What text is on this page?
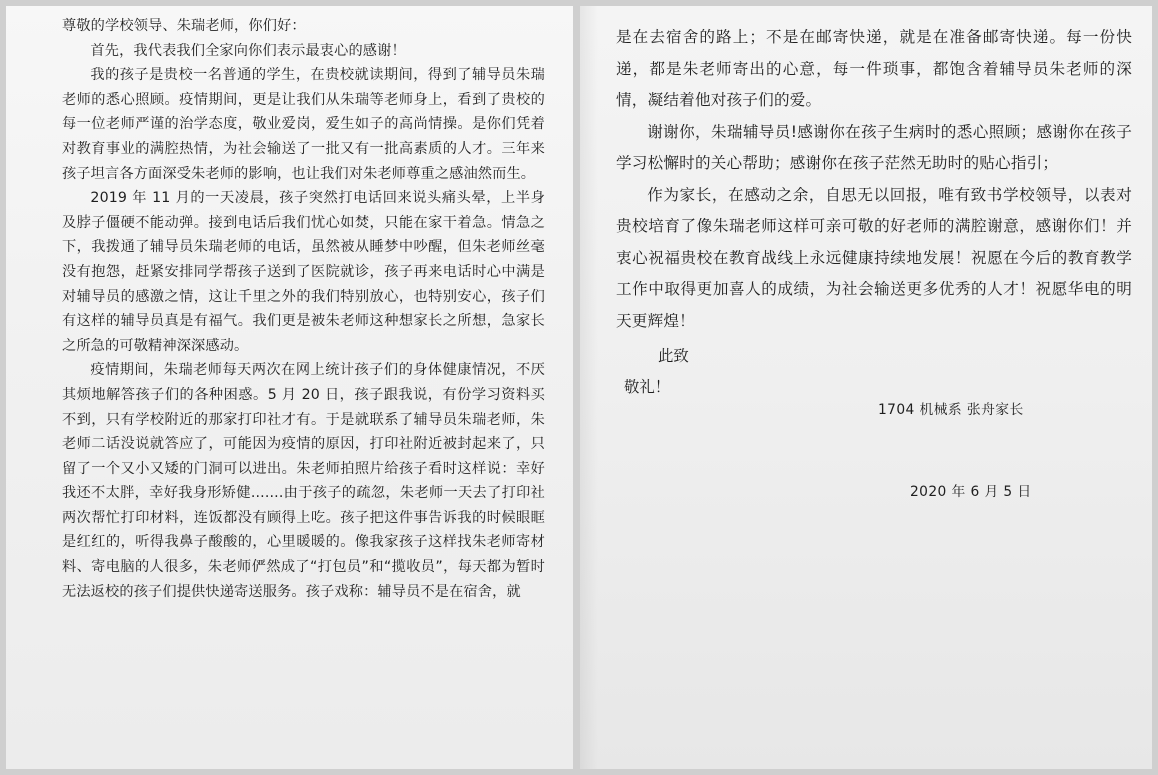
尊敬的学校领导、朱瑞老师，你们好：

首先，我代表我们全家向你们表示最衷心的感谢！

我的孩子是贵校一名普通的学生，在贵校就读期间，得到了辅导员朱瑞老师的悉心照顾。疫情期间，更是让我们从朱瑞等老师身上，看到了贵校的每一位老师严谨的治学态度，敬业爱岗，爱生如子的高尚情操。是你们凭着对教育事业的满腔热情，为社会输送了一批又有一批高素质的人才。三年来孩子坦言各方面深受朱老师的影响，也让我们对朱老师尊重之感油然而生。

2019 年 11 月的一天凌晨，孩子突然打电话回来说头痛头晕，上半身及脖子僵硬不能动弹。接到电话后我们忧心如焚，只能在家干着急。情急之下，我拨通了辅导员朱瑞老师的电话，虽然被从睡梦中吵醒，但朱老师丝毫没有抱怨，赶紧安排同学帮孩子送到了医院就诊，孩子再来电话时心中满是对辅导员的感激之情，这让千里之外的我们特别放心，也特别安心，孩子们有这样的辅导员真是有福气。我们更是被朱老师这种想家长之所想，急家长之所急的可敬精神深深感动。

疫情期间，朱瑞老师每天两次在网上统计孩子们的身体健康情况，不厌其烦地解答孩子们的各种困惑。5 月 20 日，孩子跟我说，有份学习资料买不到，只有学校附近的那家打印社才有。于是就联系了辅导员朱瑞老师，朱老师二话没说就答应了，可能因为疫情的原因，打印社附近被封起来了，只留了一个又小又矮的门洞可以进出。朱老师拍照片给孩子看时这样说：幸好我还不太胖，幸好我身形矫健.......由于孩子的疏忽，朱老师一天去了打印社两次帮忙打印材料，连饭都没有顾得上吃。孩子把这件事告诉我的时候眼眶是红红的，听得我鼻子酸酸的，心里暖暖的。像我家孩子这样找朱老师寄材料、寄电脑的人很多，朱老师俨然成了“打包员”和“揽收员”，每天都为暂时无法返校的孩子们提供快递寄送服务。孩子戏称：辅导员不是在宿舍，就

是在去宿舍的路上；不是在邮寄快递，就是在准备邮寄快递。每一份快递，都是朱老师寄出的心意，每一件琐事，都饱含着辅导员朱老师的深情，凝结着他对孩子们的爱。

谢谢你，朱瑞辅导员!感谢你在孩子生病时的悉心照顾；感谢你在孩子学习松懈时的关心帮助；感谢你在孩子茫然无助时的贴心指引；

作为家长，在感动之余，自思无以回报，唯有致书学校领导，以表对贵校培育了像朱瑞老师这样可亲可敬的好老师的满腔谢意，感谢你们！并衷心祝福贵校在教育战线上永远健康持续地发展！祝愿在今后的教育教学工作中取得更加喜人的成绩，为社会输送更多优秀的人才！祝愿华电的明天更辉煌！

此致
敬礼！
1704 机械系 张舟家长
2020 年 6 月 5 日
